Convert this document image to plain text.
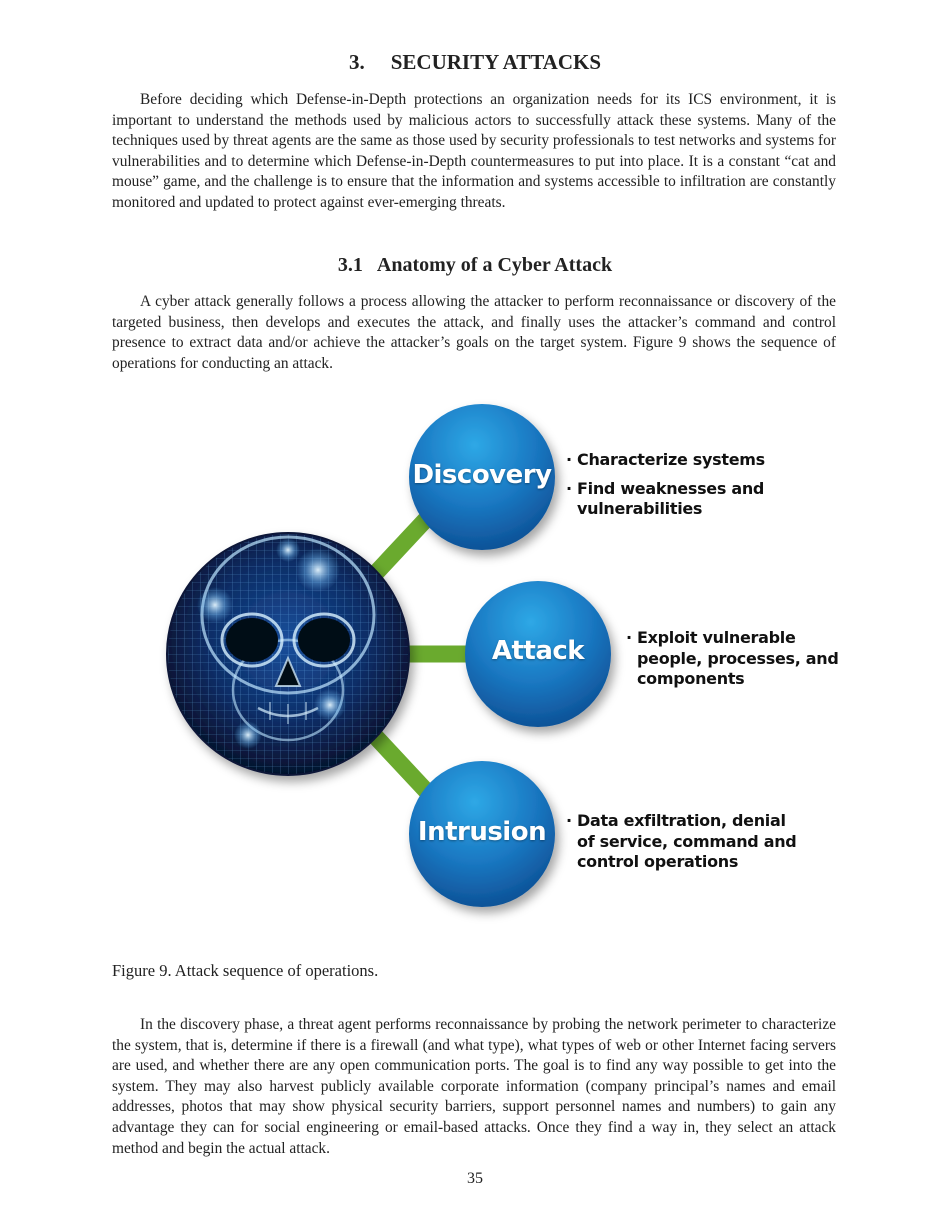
3. SECURITY ATTACKS

Before deciding which Defense-in-Depth protections an organization needs for its ICS environment, it is important to understand the methods used by malicious actors to successfully attack these systems. Many of the techniques used by threat agents are the same as those used by security professionals to test networks and systems for vulnerabilities and to determine which Defense-in-Depth countermeasures to put into place. It is a constant “cat and mouse” game, and the challenge is to ensure that the information and systems accessible to infiltration are constantly monitored and updated to protect against ever-emerging threats.

3.1 Anatomy of a Cyber Attack

A cyber attack generally follows a process allowing the attacker to perform reconnaissance or discovery of the targeted business, then develops and executes the attack, and finally uses the attacker’s command and control presence to extract data and/or achieve the attacker’s goals on the target system. Figure 9 shows the sequence of operations for conducting an attack.

Discovery
Attack
Intrusion
· Characterize systems
· Find weaknesses and vulnerabilities
· Exploit vulnerable people, processes, and components
· Data exfiltration, denial of service, command and control operations

Figure 9. Attack sequence of operations.

In the discovery phase, a threat agent performs reconnaissance by probing the network perimeter to characterize the system, that is, determine if there is a firewall (and what type), what types of web or other Internet facing servers are used, and whether there are any open communication ports. The goal is to find any way possible to get into the system. They may also harvest publicly available corporate information (company principal’s names and email addresses, photos that may show physical security barriers, support personnel names and numbers) to gain any advantage they can for social engineering or email-based attacks. Once they find a way in, they select an attack method and begin the actual attack.

35
